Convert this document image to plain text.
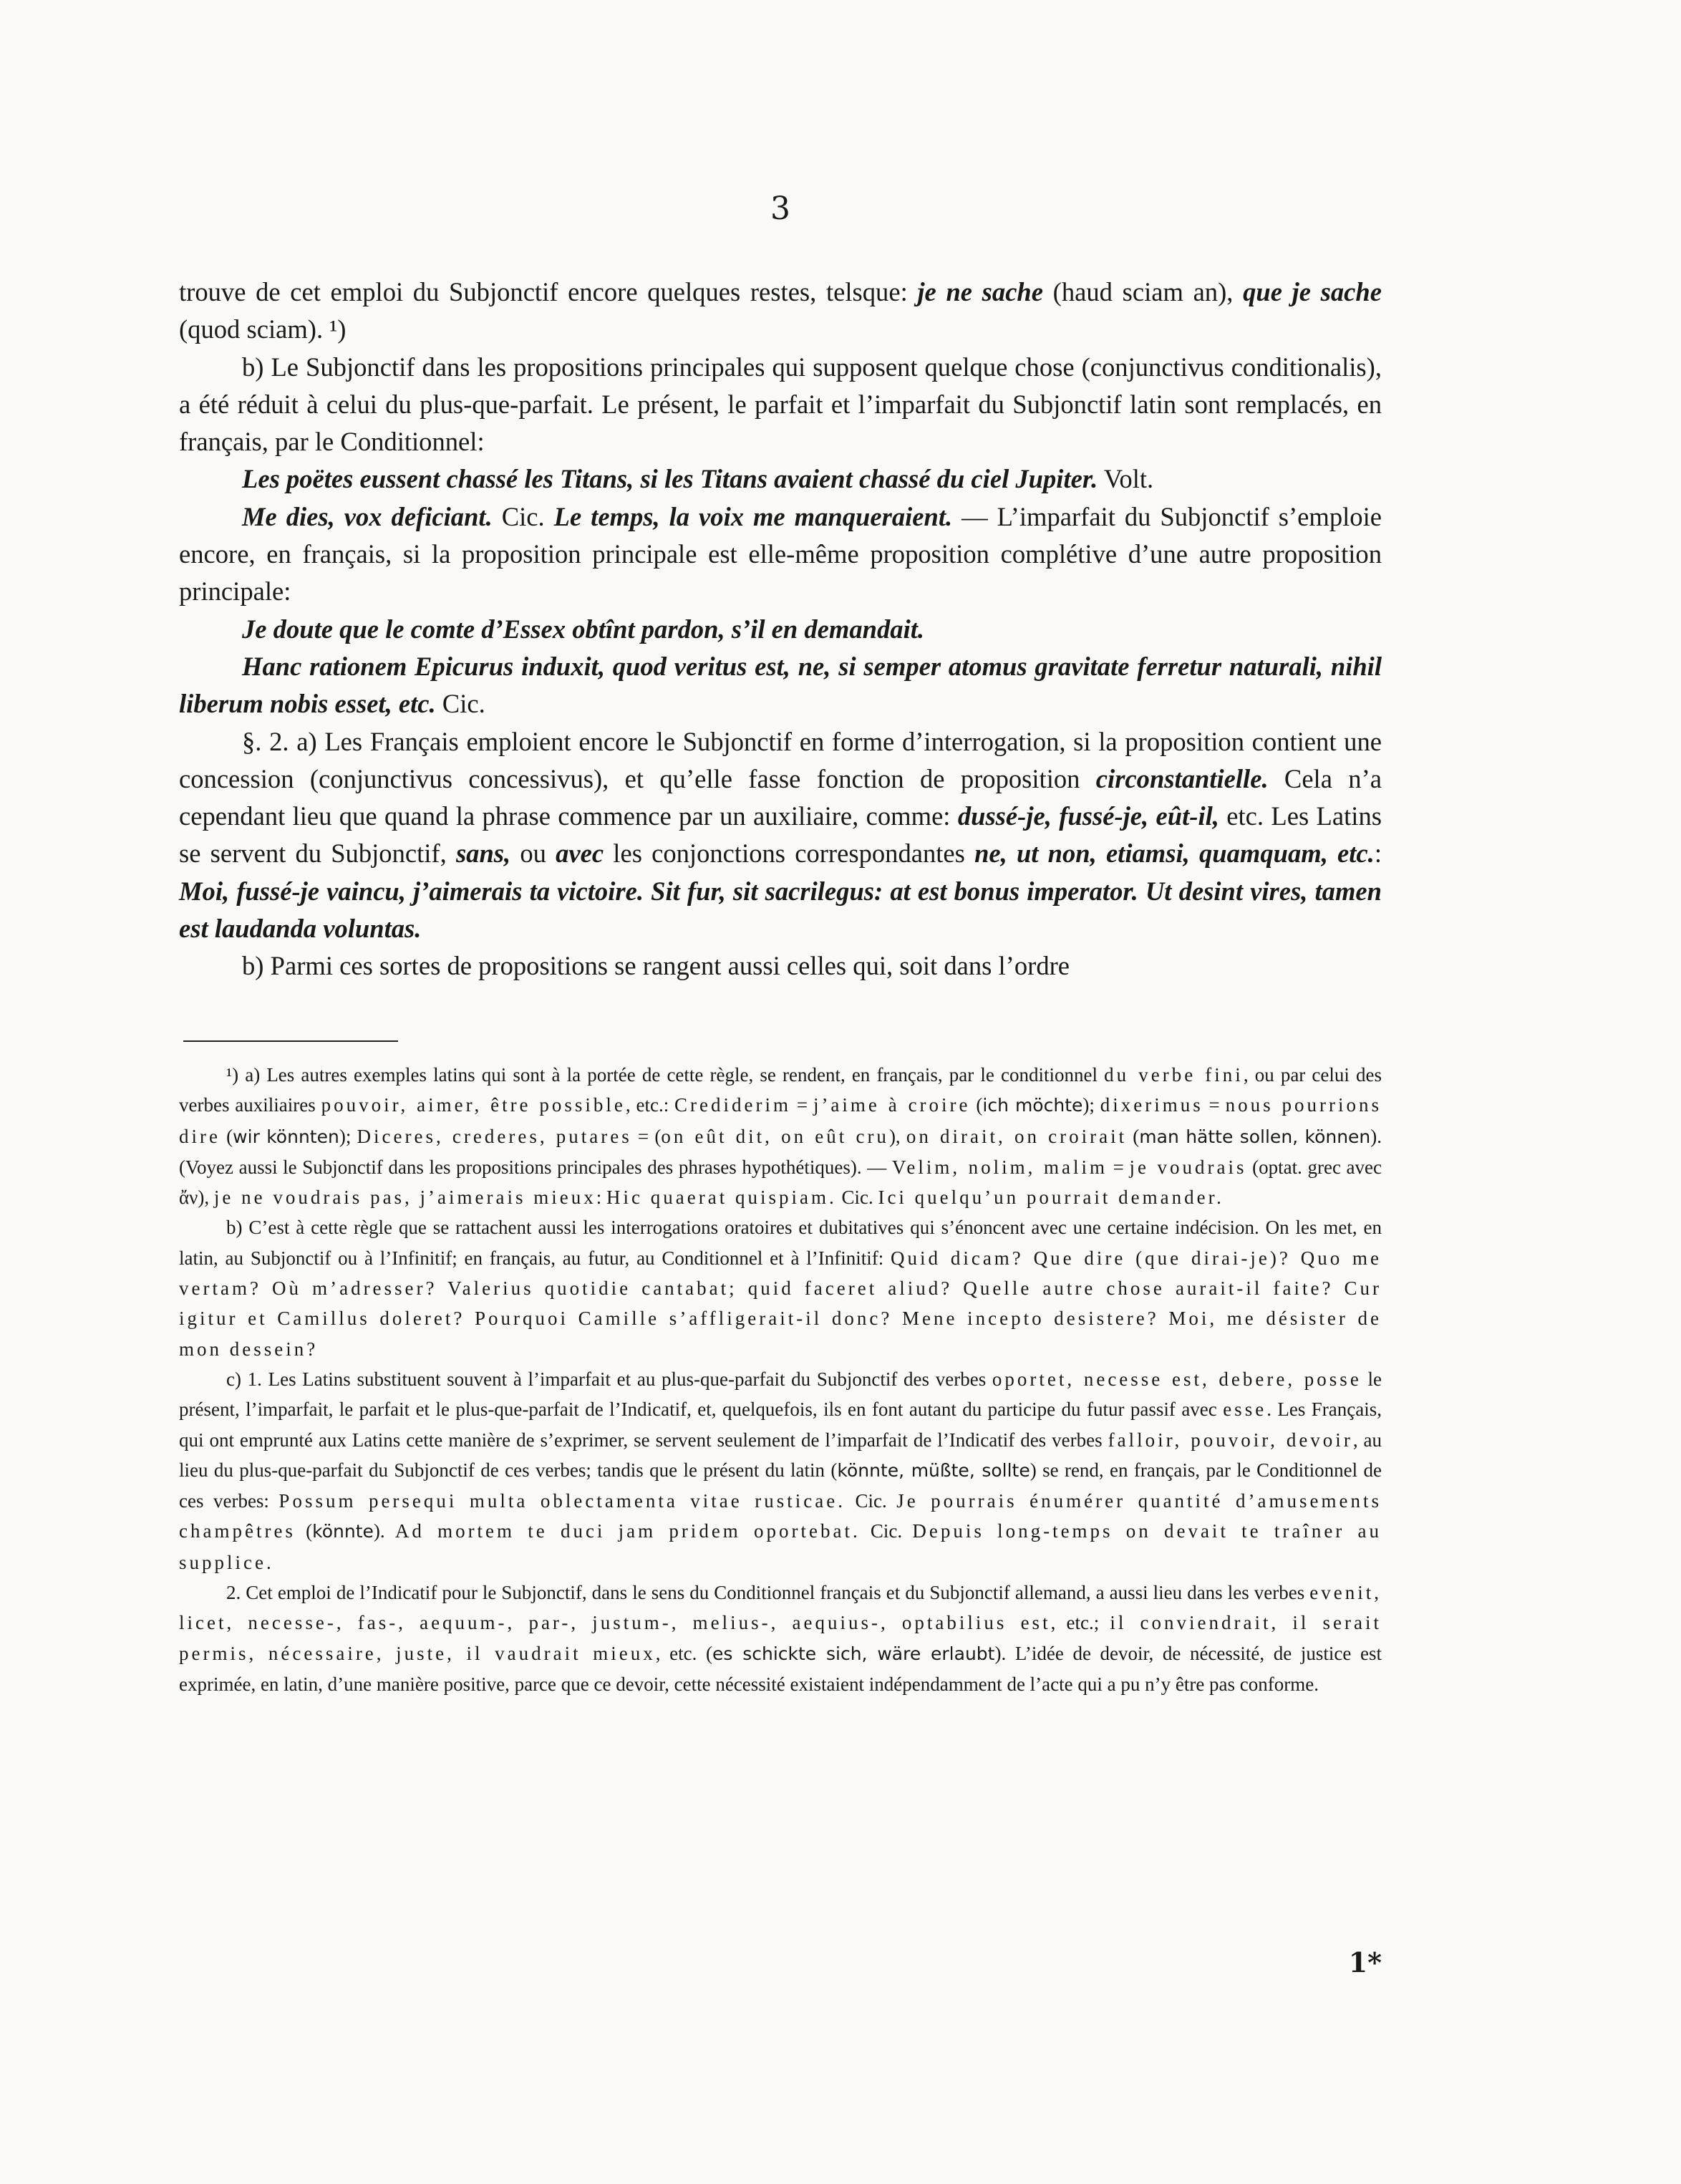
3

trouve de cet emploi du Subjonctif encore quelques restes, telsque: je ne sache (haud sciam an), que je sache (quod sciam). ¹)

b) Le Subjonctif dans les propositions principales qui supposent quelque chose (conjunctivus conditionalis), a été réduit à celui du plus-que-parfait. Le présent, le parfait et l’imparfait du Subjonctif latin sont remplacés, en français, par le Conditionnel:

Les poëtes eussent chassé les Titans, si les Titans avaient chassé du ciel Jupiter. Volt.

Me dies, vox deficiant. Cic. Le temps, la voix me manqueraient. — L’imparfait du Subjonctif s’emploie encore, en français, si la proposition principale est elle-même proposition complétive d’une autre proposition principale:

Je doute que le comte d’Essex obtînt pardon, s’il en demandait.

Hanc rationem Epicurus induxit, quod veritus est, ne, si semper atomus gravitate ferretur naturali, nihil liberum nobis esset, etc. Cic.

§. 2. a) Les Français emploient encore le Subjonctif en forme d’interrogation, si la proposition contient une concession (conjunctivus concessivus), et qu’elle fasse fonction de proposition circonstantielle. Cela n’a cependant lieu que quand la phrase commence par un auxiliaire, comme: dussé-je, fussé-je, eût-il, etc. Les Latins se servent du Subjonctif, sans, ou avec les conjonctions correspondantes ne, ut non, etiamsi, quamquam, etc.: Moi, fussé-je vaincu, j’aimerais ta victoire. Sit fur, sit sacrilegus: at est bonus imperator. Ut desint vires, tamen est laudanda voluntas.

b) Parmi ces sortes de propositions se rangent aussi celles qui, soit dans l’ordre

¹) a) Les autres exemples latins qui sont à la portée de cette règle, se rendent, en français, par le conditionnel du verbe fini, ou par celui des verbes auxiliaires pouvoir, aimer, être possible, etc.: Crediderim = j’aime à croire (ich möchte); dixerimus = nous pourrions dire (wir könnten); Diceres, crederes, putares = (on eût dit, on eût cru), on dirait, on croirait (man hätte sollen, können). (Voyez aussi le Subjonctif dans les propositions principales des phrases hypothétiques). — Velim, nolim, malim = je voudrais (optat. grec avec ἄν), je ne voudrais pas, j’aimerais mieux: Hic quaerat quispiam. Cic. Ici quelqu’un pourrait demander.

b) C’est à cette règle que se rattachent aussi les interrogations oratoires et dubitatives qui s’énoncent avec une certaine indécision. On les met, en latin, au Subjonctif ou à l’Infinitif; en français, au futur, au Conditionnel et à l’Infinitif: Quid dicam? Que dire (que dirai-je)? Quo me vertam? Où m’adresser? Valerius quotidie cantabat; quid faceret aliud? Quelle autre chose aurait-il faite? Cur igitur et Camillus doleret? Pourquoi Camille s’affligerait-il donc? Mene incepto desistere? Moi, me désister de mon dessein?

c) 1. Les Latins substituent souvent à l’imparfait et au plus-que-parfait du Subjonctif des verbes oportet, necesse est, debere, posse le présent, l’imparfait, le parfait et le plus-que-parfait de l’Indicatif, et, quelquefois, ils en font autant du participe du futur passif avec esse. Les Français, qui ont emprunté aux Latins cette manière de s’exprimer, se servent seulement de l’imparfait de l’Indicatif des verbes falloir, pouvoir, devoir, au lieu du plus-que-parfait du Subjonctif de ces verbes; tandis que le présent du latin (könnte, müßte, sollte) se rend, en français, par le Conditionnel de ces verbes: Possum persequi multa oblectamenta vitae rusticae. Cic. Je pourrais énumérer quantité d’amusements champêtres (könnte). Ad mortem te duci jam pridem oportebat. Cic. Depuis long-temps on devait te traîner au supplice.

2. Cet emploi de l’Indicatif pour le Subjonctif, dans le sens du Conditionnel français et du Subjonctif allemand, a aussi lieu dans les verbes evenit, licet, necesse-, fas-, aequum-, par-, justum-, melius-, aequius-, optabilius est, etc.; il conviendrait, il serait permis, nécessaire, juste, il vaudrait mieux, etc. (es schickte sich, wäre erlaubt). L’idée de devoir, de nécessité, de justice est exprimée, en latin, d’une manière positive, parce que ce devoir, cette nécessité existaient indépendamment de l’acte qui a pu n’y être pas conforme.

1*
